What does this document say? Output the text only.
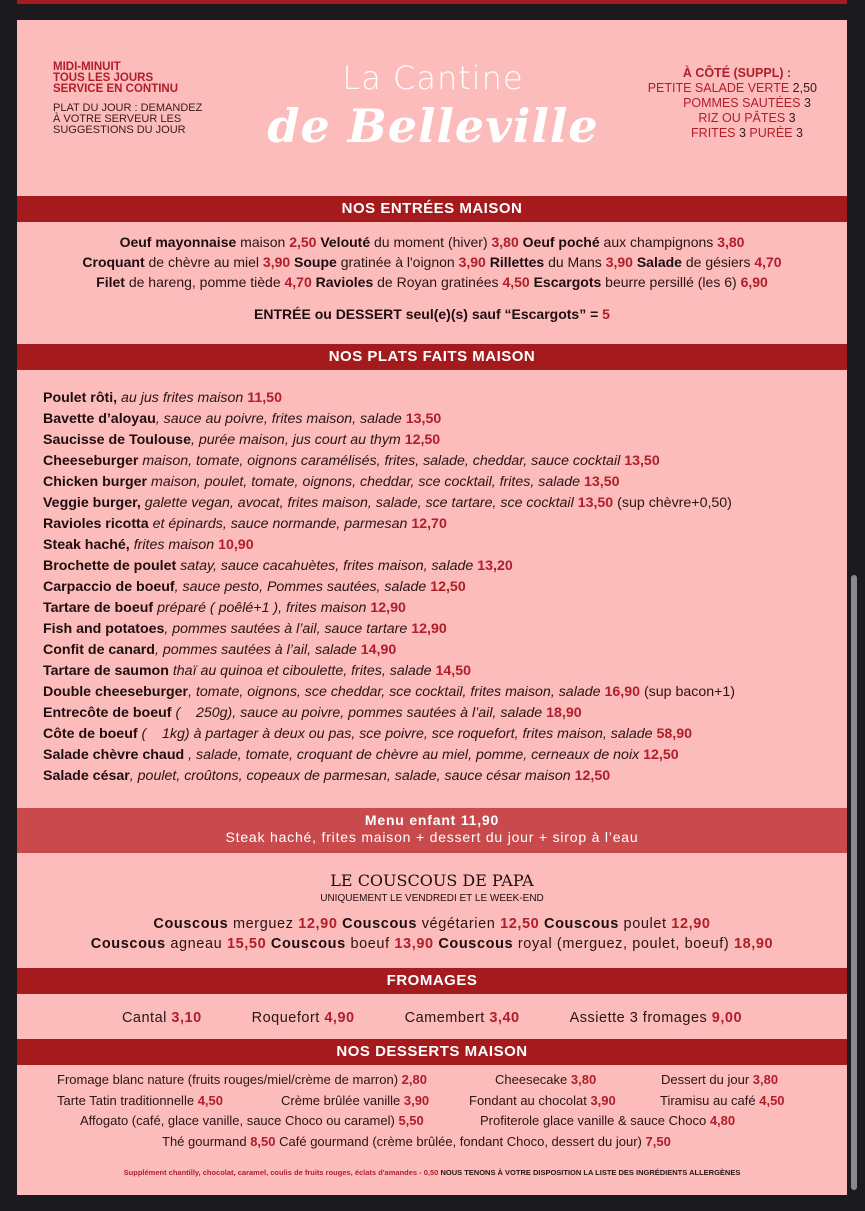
MIDI-MINUIT
TOUS LES JOURS
SERVICE EN CONTINU
PLAT DU JOUR : DEMANDEZ
À VOTRE SERVEUR LES
SUGGESTIONS DU JOUR
La Cantine
de Belleville
À CÔTÉ (SUPPL) :
PETITE SALADE VERTE 2,50
POMMES SAUTÉES 3
RIZ OU PÂTES 3
FRITES 3 PURÉE 3
NOS ENTRÉES MAISON
Oeuf mayonnaise maison 2,50 Velouté du moment (hiver) 3,80 Oeuf poché aux champignons 3,80
Croquant de chèvre au miel 3,90 Soupe gratinée à l'oignon 3,90 Rillettes du Mans 3,90 Salade de gésiers 4,70
Filet de hareng, pomme tiède 4,70 Ravioles de Royan gratinées 4,50 Escargots beurre persillé (les 6) 6,90
ENTRÉE ou DESSERT seul(e)(s) sauf “Escargots” = 5
NOS PLATS FAITS MAISON
Poulet rôti, au jus frites maison 11,50
Bavette d’aloyau, sauce au poivre, frites maison, salade 13,50
Saucisse de Toulouse, purée maison, jus court au thym 12,50
Cheeseburger maison, tomate, oignons caramélisés, frites, salade, cheddar, sauce cocktail 13,50
Chicken burger maison, poulet, tomate, oignons, cheddar, sce cocktail, frites, salade 13,50
Veggie burger, galette vegan, avocat, frites maison, salade, sce tartare, sce cocktail 13,50 (sup chèvre+0,50)
Ravioles ricotta et épinards, sauce normande, parmesan 12,70
Steak haché, frites maison 10,90
Brochette de poulet satay, sauce cacahuètes, frites maison, salade 13,20
Carpaccio de boeuf, sauce pesto, Pommes sautées, salade 12,50
Tartare de boeuf préparé ( poêlé+1 ), frites maison 12,90
Fish and potatoes, pommes sautées à l’ail, sauce tartare 12,90
Confit de canard, pommes sautées à l’ail, salade 14,90
Tartare de saumon thaï au quinoa et ciboulette, frites, salade 14,50
Double cheeseburger, tomate, oignons, sce cheddar, sce cocktail, frites maison, salade 16,90 (sup bacon+1)
Entrecôte de boeuf (    250g), sauce au poivre, pommes sautées à l’ail, salade 18,90
Côte de boeuf (    1kg) à partager à deux ou pas, sce poivre, sce roquefort, frites maison, salade 58,90
Salade chèvre chaud , salade, tomate, croquant de chèvre au miel, pomme, cerneaux de noix 12,50
Salade césar, poulet, croûtons, copeaux de parmesan, salade, sauce césar maison 12,50
Menu enfant 11,90
Steak haché, frites maison + dessert du jour + sirop à l’eau
LE COUSCOUS DE PAPA
UNIQUEMENT LE VENDREDI ET LE WEEK-END
Couscous merguez 12,90 Couscous végétarien 12,50 Couscous poulet 12,90
Couscous agneau 15,50 Couscous boeuf 13,90 Couscous royal (merguez, poulet, boeuf) 18,90
FROMAGES
Cantal 3,10	Roquefort 4,90	Camembert 3,40	Assiette 3 fromages 9,00
NOS DESSERTS MAISON
Fromage blanc nature (fruits rouges/miel/crème de marron) 2,80	Cheesecake 3,80	Dessert du jour 3,80
Tarte Tatin traditionnelle 4,50	Crème brûlée vanille 3,90	Fondant au chocolat 3,90	Tiramisu au café 4,50
Affogato (café, glace vanille, sauce Choco ou caramel) 5,50	Profiterole glace vanille & sauce Choco 4,80
Thé gourmand 8,50 Café gourmand (crème brûlée, fondant Choco, dessert du jour) 7,50
Supplément chantilly, chocolat, caramel, coulis de fruits rouges, éclats d'amandes - 0,50 NOUS TENONS À VOTRE DISPOSITION LA LISTE DES INGRÉDIENTS ALLERGÈNES
